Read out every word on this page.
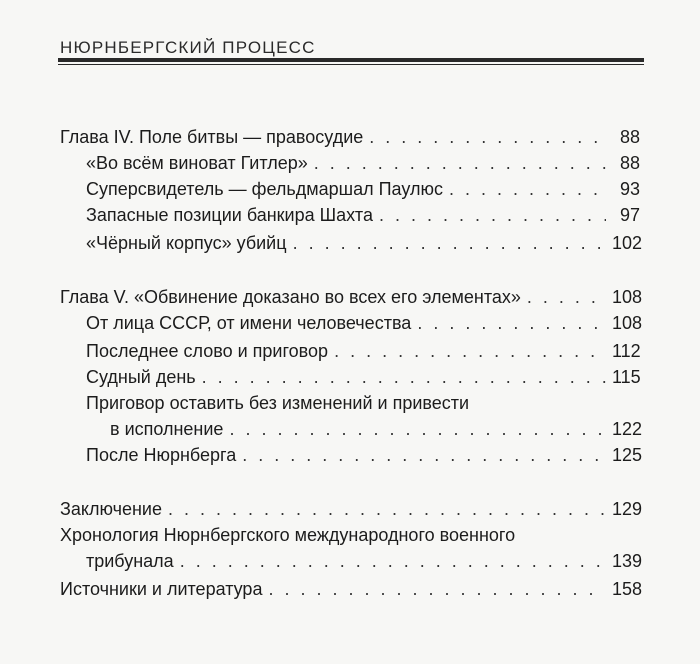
НЮРНБЕРГСКИЙ ПРОЦЕСС
Глава IV. Поле битвы — правосудие . . .	88
«Во всём виноват Гитлер» . . .	88
Суперсвидетель — фельдмаршал Паулюс . . .	93
Запасные позиции банкира Шахта . . .	97
«Чёрный корпус» убийц . . .	102
Глава V. «Обвинение доказано во всех его элементах» . . .	108
От лица СССР, от имени человечества . . .	108
Последнее слово и приговор . . .	112
Судный день . . .	115
Приговор оставить без изменений и привести
в исполнение . . .	122
После Нюрнберга . . .	125
Заключение . . .	129
Хронология Нюрнбергского международного военного
трибунала . . .	139
Источники и литература . . .	158
